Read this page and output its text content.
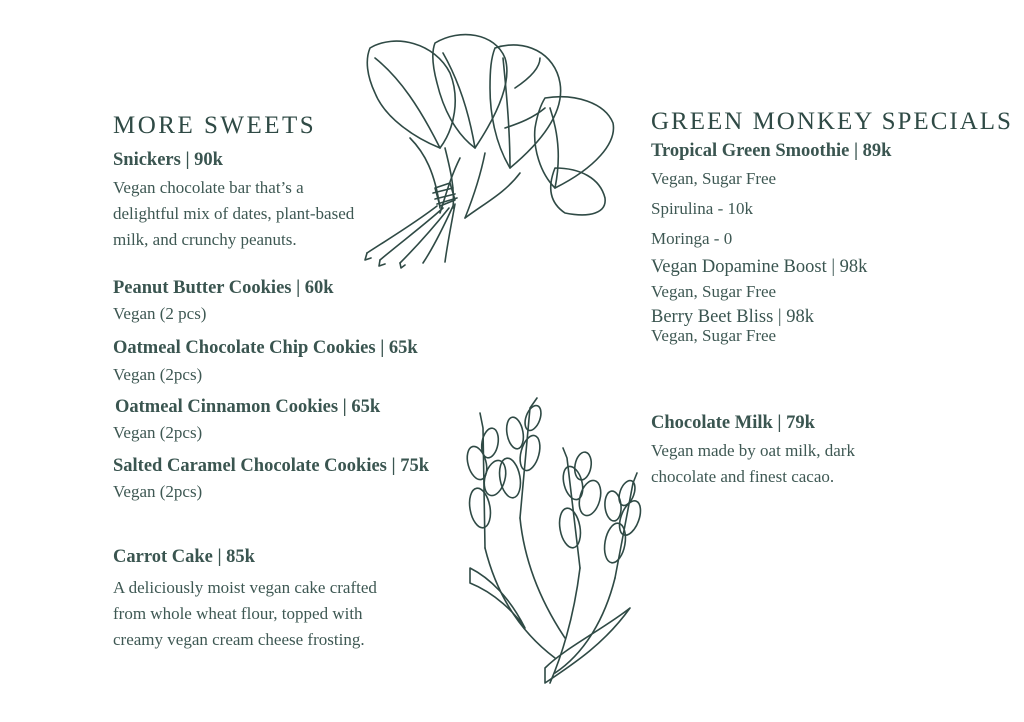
MORE SWEETS
Snickers | 90k
Vegan chocolate bar that’s a delightful mix of dates, plant-based milk, and crunchy peanuts.
Peanut Butter Cookies | 60k
Vegan (2 pcs)
Oatmeal Chocolate Chip Cookies | 65k
Vegan (2pcs)
Oatmeal Cinnamon Cookies | 65k
Vegan (2pcs)
Salted Caramel Chocolate Cookies | 75k
Vegan (2pcs)
Carrot Cake | 85k
A deliciously moist vegan cake crafted from whole wheat flour, topped with creamy vegan cream cheese frosting.
GREEN MONKEY SPECIALS
Tropical Green Smoothie | 89k
Vegan, Sugar Free
Spirulina - 10k
Moringa - 0
Vegan Dopamine Boost | 98k
Vegan, Sugar Free
Berry Beet Bliss | 98k
Vegan, Sugar Free
Chocolate Milk | 79k
Vegan made by oat milk, dark chocolate and finest cacao.
